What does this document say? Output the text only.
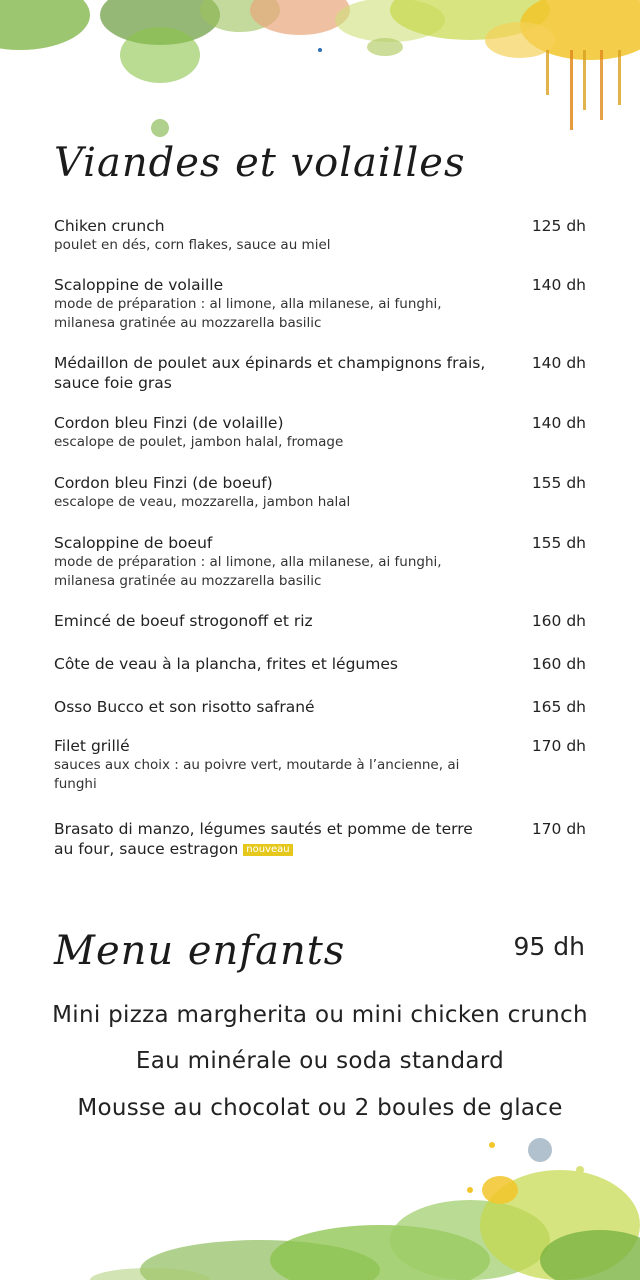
Viandes et volailles
Chiken crunch
poulet en dés, corn flakes, sauce au miel
125 dh
Scaloppine de volaille
mode de préparation : al limone, alla milanese, ai funghi, milanesa gratinée au mozzarella basilic
140 dh
Médaillon de poulet aux épinards et champignons frais, sauce foie gras
140 dh
Cordon bleu Finzi (de volaille)
escalope de poulet, jambon halal, fromage
140 dh
Cordon bleu Finzi (de boeuf)
escalope de veau, mozzarella, jambon halal
155 dh
Scaloppine de boeuf
mode de préparation : al limone, alla milanese, ai funghi, milanesa gratinée au mozzarella basilic
155 dh
Emincé de boeuf strogonoff et riz	160 dh
Côte de veau à la plancha, frites et légumes	160 dh
Osso Bucco et son risotto safrané	165 dh
Filet grillé
sauces aux choix : au poivre vert, moutarde à l’ancienne, ai funghi
170 dh
Brasato di manzo, légumes sautés et pomme de terre au four, sauce estragon nouveau
170 dh
Menu enfants	95 dh
Mini pizza margherita ou mini chicken crunch
Eau minérale ou soda standard
Mousse au chocolat ou 2 boules de glace
